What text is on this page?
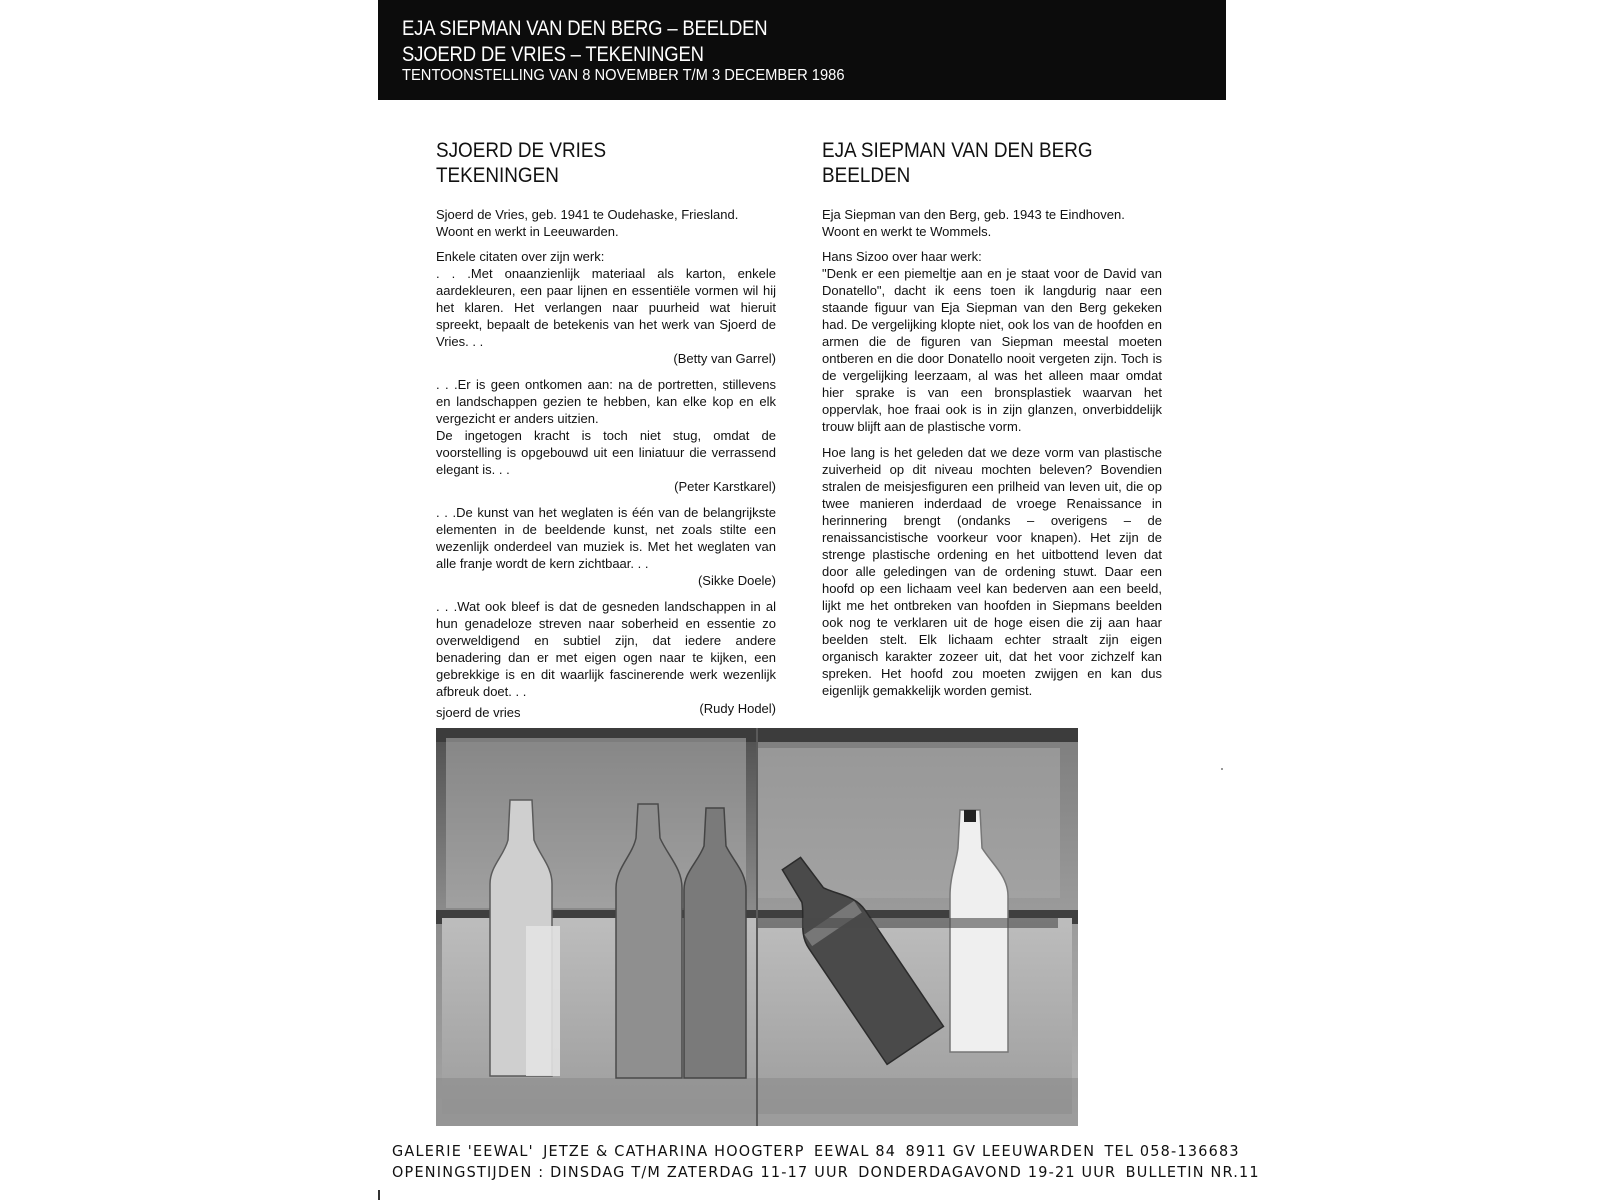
EJA SIEPMAN VAN DEN BERG – BEELDEN
SJOERD DE VRIES – TEKENINGEN
TENTOONSTELLING VAN 8 NOVEMBER T/M 3 DECEMBER 1986
SJOERD DE VRIES
TEKENINGEN

Sjoerd de Vries, geb. 1941 te Oudehaske, Friesland.
Woont en werkt in Leeuwarden.

Enkele citaten over zijn werk:
. . .Met onaanzienlijk materiaal als karton, enkele aardekleuren, een paar lijnen en essentiële vormen wil hij het klaren. Het verlangen naar puurheid wat hieruit spreekt, bepaalt de betekenis van het werk van Sjoerd de Vries. . .

(Betty van Garrel)

. . .Er is geen ontkomen aan: na de portretten, stillevens en landschappen gezien te hebben, kan elke kop en elk vergezicht er anders uitzien.
De ingetogen kracht is toch niet stug, omdat de voorstelling is opgebouwd uit een liniatuur die verrassend elegant is. . .

(Peter Karstkarel)

. . .De kunst van het weglaten is één van de belangrijkste elementen in de beeldende kunst, net zoals stilte een wezenlijk onderdeel van muziek is. Met het weglaten van alle franje wordt de kern zichtbaar. . .

(Sikke Doele)

. . .Wat ook bleef is dat de gesneden landschappen in al hun genadeloze streven naar soberheid en essentie zo overweldigend en subtiel zijn, dat iedere andere benadering dan er met eigen ogen naar te kijken, een gebrekkige is en dit waarlijk fascinerende werk wezenlijk afbreuk doet. . .

(Rudy Hodel)

EJA SIEPMAN VAN DEN BERG
BEELDEN

Eja Siepman van den Berg, geb. 1943 te Eindhoven.
Woont en werkt te Wommels.

Hans Sizoo over haar werk:
"Denk er een piemeltje aan en je staat voor de David van Donatello", dacht ik eens toen ik langdurig naar een staande figuur van Eja Siepman van den Berg gekeken had. De vergelijking klopte niet, ook los van de hoofden en armen die de figuren van Siepman meestal moeten ontberen en die door Donatello nooit vergeten zijn. Toch is de vergelijking leerzaam, al was het alleen maar omdat hier sprake is van een bronsplastiek waarvan het oppervlak, hoe fraai ook is in zijn glanzen, onverbiddelijk trouw blijft aan de plastische vorm.

Hoe lang is het geleden dat we deze vorm van plastische zuiverheid op dit niveau mochten beleven? Bovendien stralen de meisjesfiguren een prilheid van leven uit, die op twee manieren inderdaad de vroege Renaissance in herinnering brengt (ondanks – overigens – de renaissancistische voorkeur voor knapen). Het zijn de strenge plastische ordening en het uitbottend leven dat door alle geledingen van de ordening stuwt. Daar een hoofd op een lichaam veel kan bederven aan een beeld, lijkt me het ontbreken van hoofden in Siepmans beelden ook nog te verklaren uit de hoge eisen die zij aan haar beelden stelt. Elk lichaam echter straalt zijn eigen organisch karakter zozeer uit, dat het voor zichzelf kan spreken. Het hoofd zou moeten zwijgen en kan dus eigenlijk gemakkelijk worden gemist.

sjoerd de vries
GALERIE 'EEWAL' JETZE & CATHARINA HOOGTERP EEWAL 84 8911 GV LEEUWARDEN TEL 058-136683
OPENINGSTIJDEN : DINSDAG T/M ZATERDAG 11-17 UUR DONDERDAGAVOND 19-21 UUR BULLETIN NR.11
